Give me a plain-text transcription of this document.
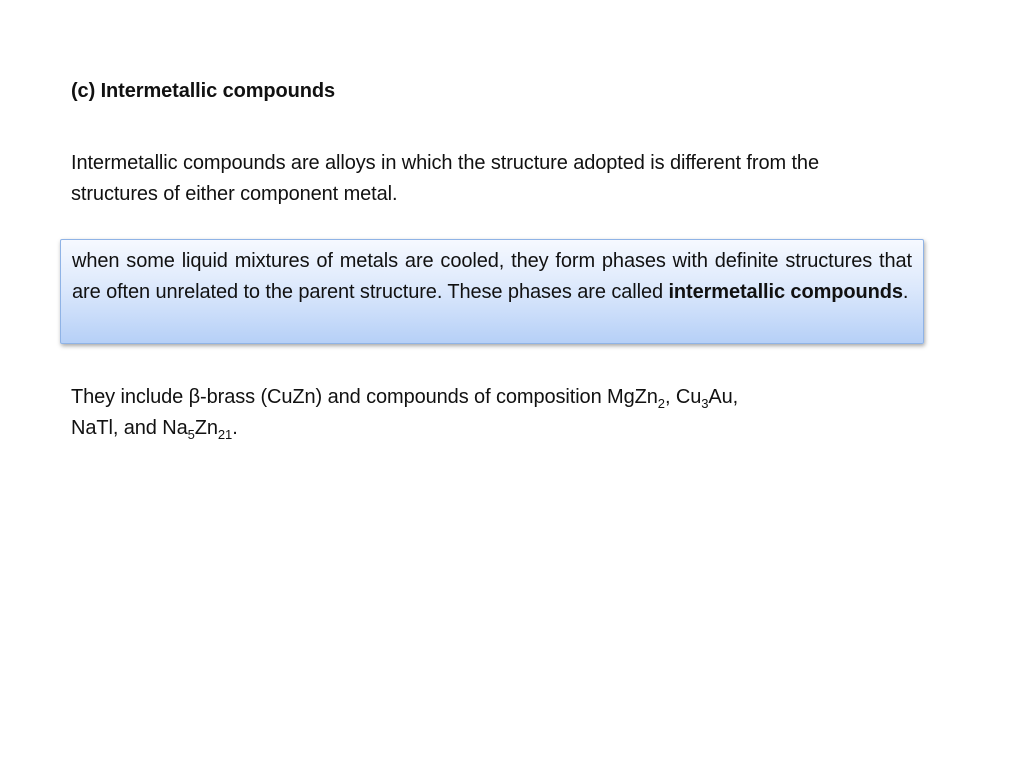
(c) Intermetallic compounds
Intermetallic compounds are alloys in which the structure adopted is different from the structures of either component metal.
when some liquid mixtures of metals are cooled, they form phases with definite structures that are often unrelated to the parent structure. These phases are called intermetallic compounds.
They include β-brass (CuZn) and compounds of composition MgZn$_2$, $Cu_3Au$,
NaTl, and $Na_5Zn_{21}$.
